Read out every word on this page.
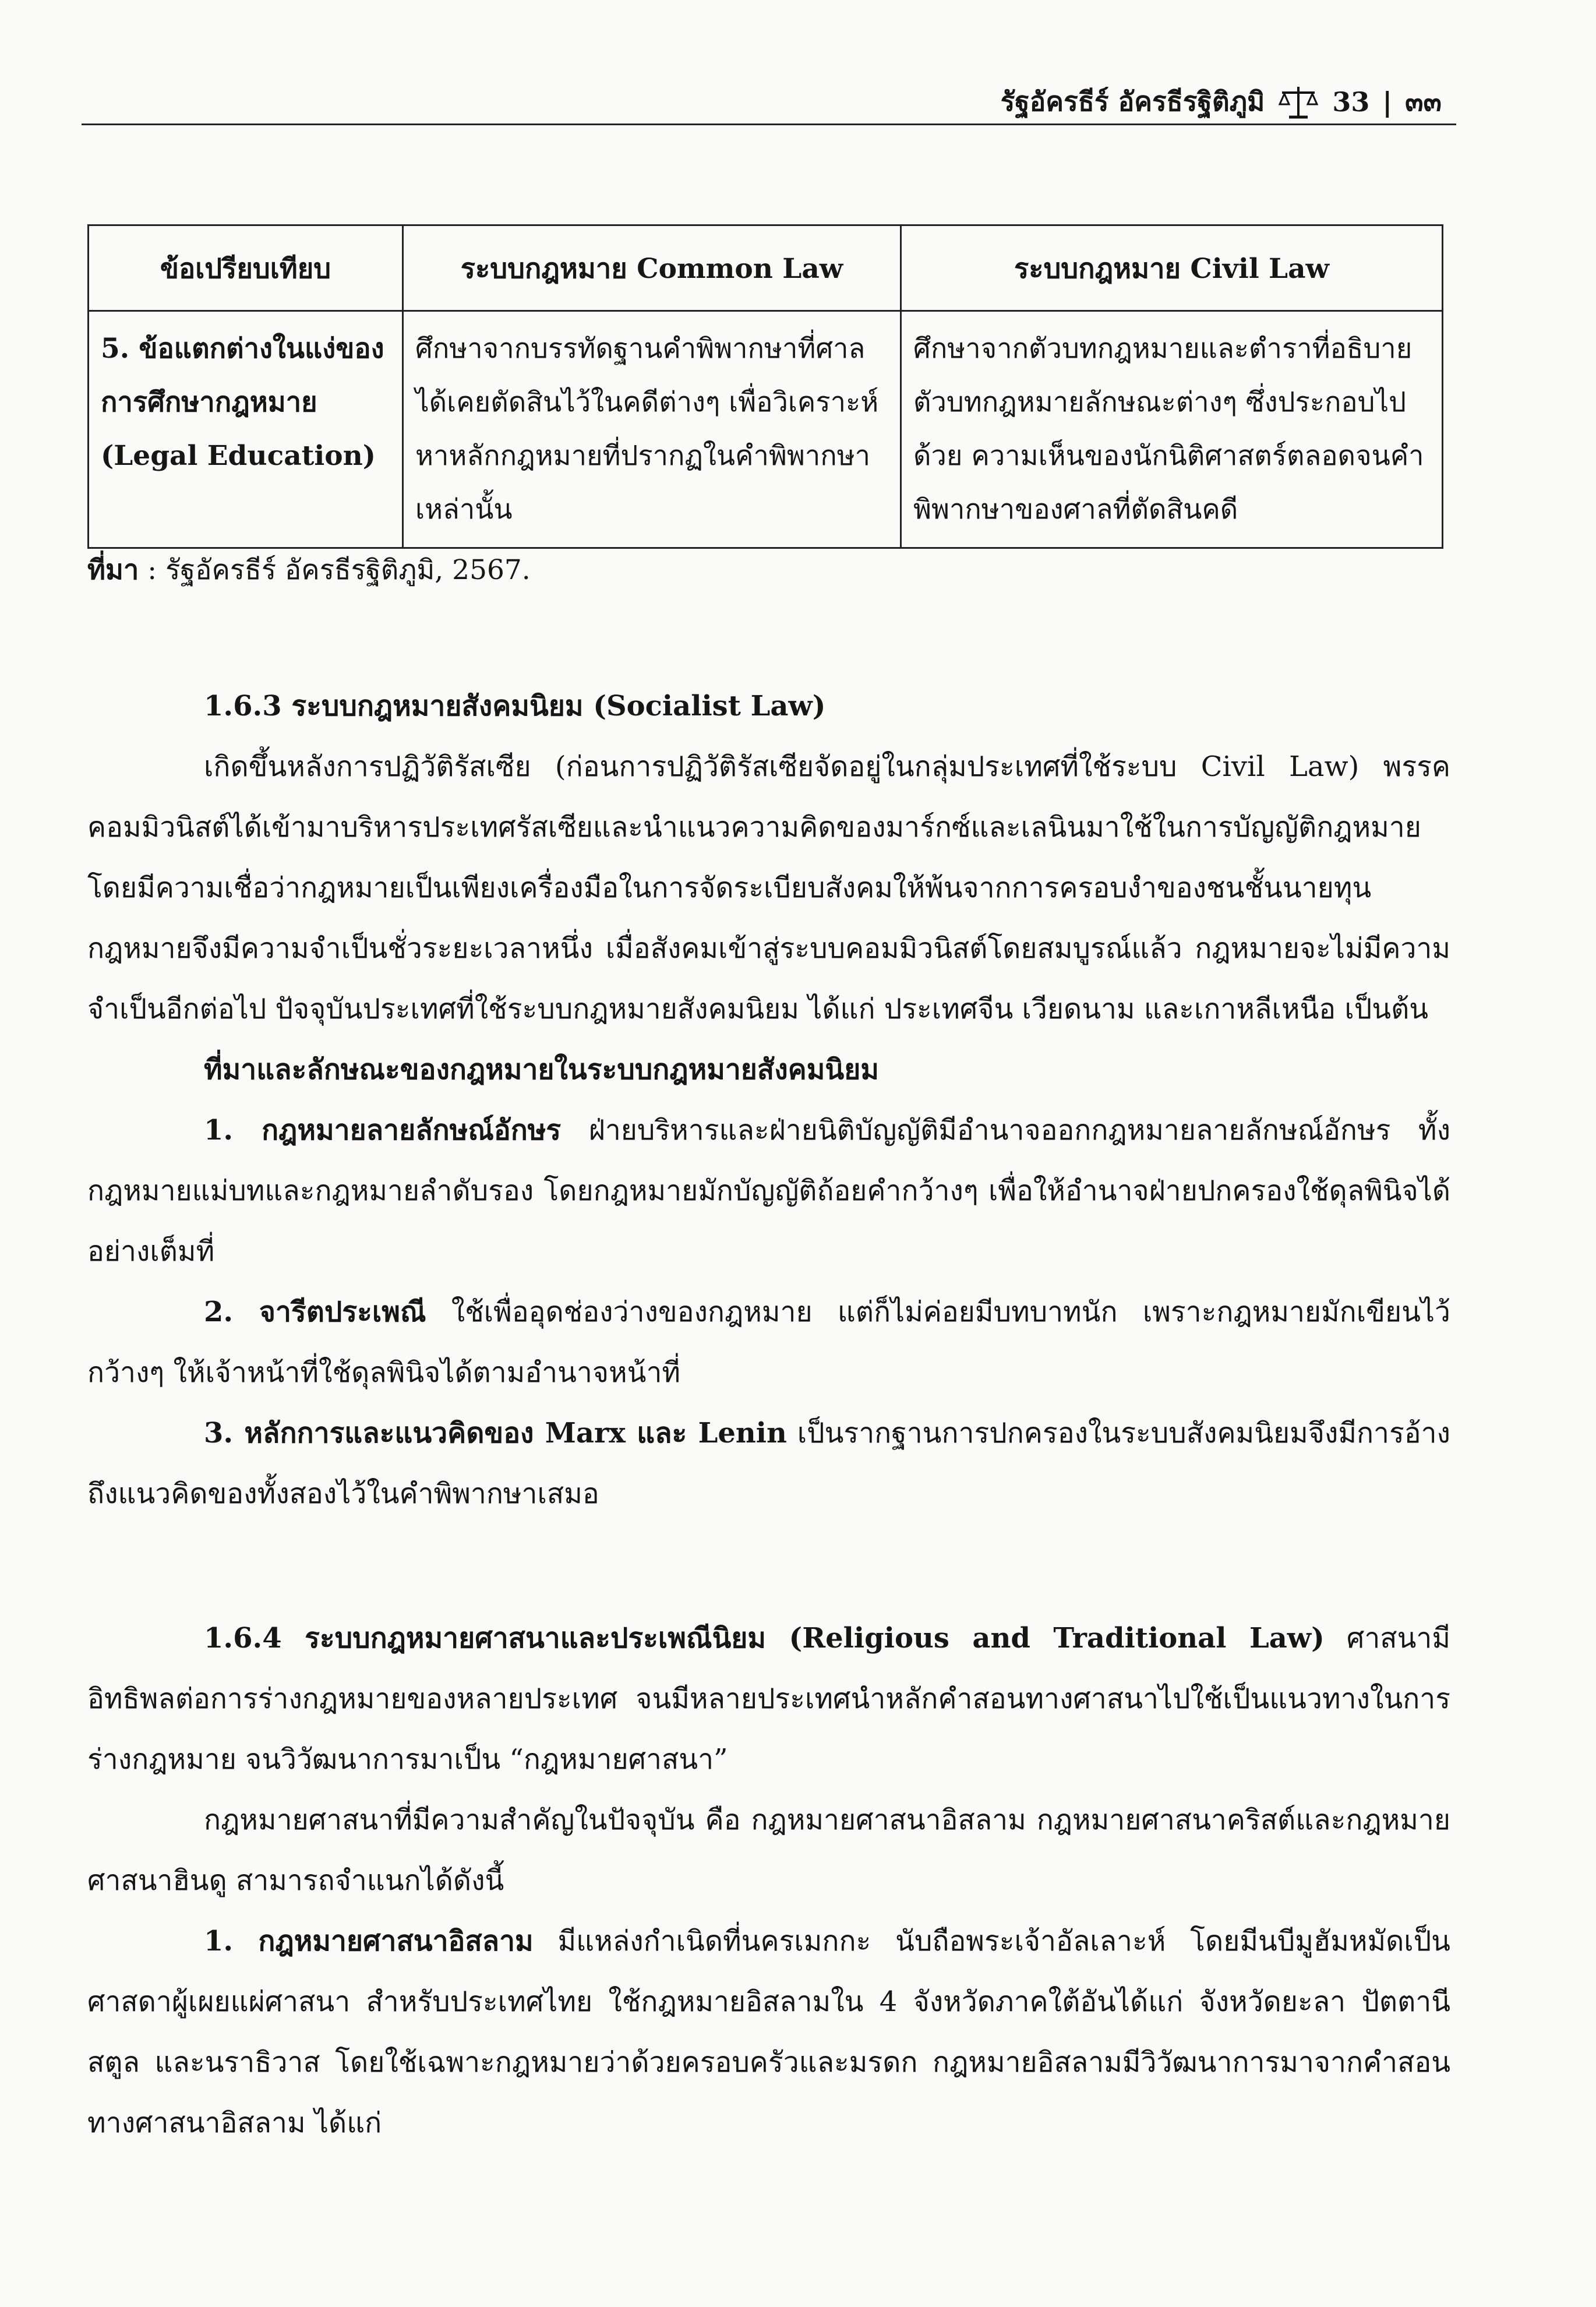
รัฐอัครธีร์ อัครธีรฐิติภูมิ	33 | ๓๓
ข้อเปรียบเทียบ	ระบบกฎหมาย Common Law	ระบบกฎหมาย Civil Law
5. ข้อแตกต่างในแง่ของการศึกษากฎหมาย (Legal Education)	ศึกษาจากบรรทัดฐานคำพิพากษาที่ศาลได้เคยตัดสินไว้ในคดีต่างๆ เพื่อวิเคราะห์หาหลักกฎหมายที่ปรากฏในคำพิพากษาเหล่านั้น	ศึกษาจากตัวบทกฎหมายและตำราที่อธิบายตัวบทกฎหมายลักษณะต่างๆ ซึ่งประกอบไปด้วย ความเห็นของนักนิติศาสตร์ตลอดจนคำพิพากษาของศาลที่ตัดสินคดี
ที่มา : รัฐอัครธีร์ อัครธีรฐิติภูมิ, 2567.

1.6.3 ระบบกฎหมายสังคมนิยม (Socialist Law)

เกิดขึ้นหลังการปฏิวัติรัสเซีย (ก่อนการปฏิวัติรัสเซียจัดอยู่ในกลุ่มประเทศที่ใช้ระบบ Civil Law) พรรคคอมมิวนิสต์ได้เข้ามาบริหารประเทศรัสเซียและนำแนวความคิดของมาร์กซ์และเลนินมาใช้ในการบัญญัติกฎหมาย โดยมีความเชื่อว่ากฎหมายเป็นเพียงเครื่องมือในการจัดระเบียบสังคมให้พ้นจากการครอบงำของชนชั้นนายทุน กฎหมายจึงมีความจำเป็นชั่วระยะเวลาหนึ่ง เมื่อสังคมเข้าสู่ระบบคอมมิวนิสต์โดยสมบูรณ์แล้ว กฎหมายจะไม่มีความจำเป็นอีกต่อไป ปัจจุบันประเทศที่ใช้ระบบกฎหมายสังคมนิยม ได้แก่ ประเทศจีน เวียดนาม และเกาหลีเหนือ เป็นต้น

ที่มาและลักษณะของกฎหมายในระบบกฎหมายสังคมนิยม

1. กฎหมายลายลักษณ์อักษร ฝ่ายบริหารและฝ่ายนิติบัญญัติมีอำนาจออกกฎหมายลายลักษณ์อักษร ทั้งกฎหมายแม่บทและกฎหมายลำดับรอง โดยกฎหมายมักบัญญัติถ้อยคำกว้างๆ เพื่อให้อำนาจฝ่ายปกครองใช้ดุลพินิจได้อย่างเต็มที่

2. จารีตประเพณี ใช้เพื่ออุดช่องว่างของกฎหมาย แต่ก็ไม่ค่อยมีบทบาทนัก เพราะกฎหมายมักเขียนไว้กว้างๆ ให้เจ้าหน้าที่ใช้ดุลพินิจได้ตามอำนาจหน้าที่

3. หลักการและแนวคิดของ Marx และ Lenin เป็นรากฐานการปกครองในระบบสังคมนิยมจึงมีการอ้างถึงแนวคิดของทั้งสองไว้ในคำพิพากษาเสมอ

1.6.4 ระบบกฎหมายศาสนาและประเพณีนิยม (Religious and Traditional Law) ศาสนามีอิทธิพลต่อการร่างกฎหมายของหลายประเทศ จนมีหลายประเทศนำหลักคำสอนทางศาสนาไปใช้เป็นแนวทางในการร่างกฎหมาย จนวิวัฒนาการมาเป็น “กฎหมายศาสนา”

กฎหมายศาสนาที่มีความสำคัญในปัจจุบัน คือ กฎหมายศาสนาอิสลาม กฎหมายศาสนาคริสต์และกฎหมายศาสนาฮินดู สามารถจำแนกได้ดังนี้

1. กฎหมายศาสนาอิสลาม มีแหล่งกำเนิดที่นครเมกกะ นับถือพระเจ้าอัลเลาะห์ โดยมีนบีมูฮัมหมัดเป็นศาสดาผู้เผยแผ่ศาสนา สำหรับประเทศไทย ใช้กฎหมายอิสลามใน 4 จังหวัดภาคใต้อันได้แก่ จังหวัดยะลา ปัตตานี สตูล และนราธิวาส โดยใช้เฉพาะกฎหมายว่าด้วยครอบครัวและมรดก กฎหมายอิสลามมีวิวัฒนาการมาจากคำสอนทางศาสนาอิสลาม ได้แก่
